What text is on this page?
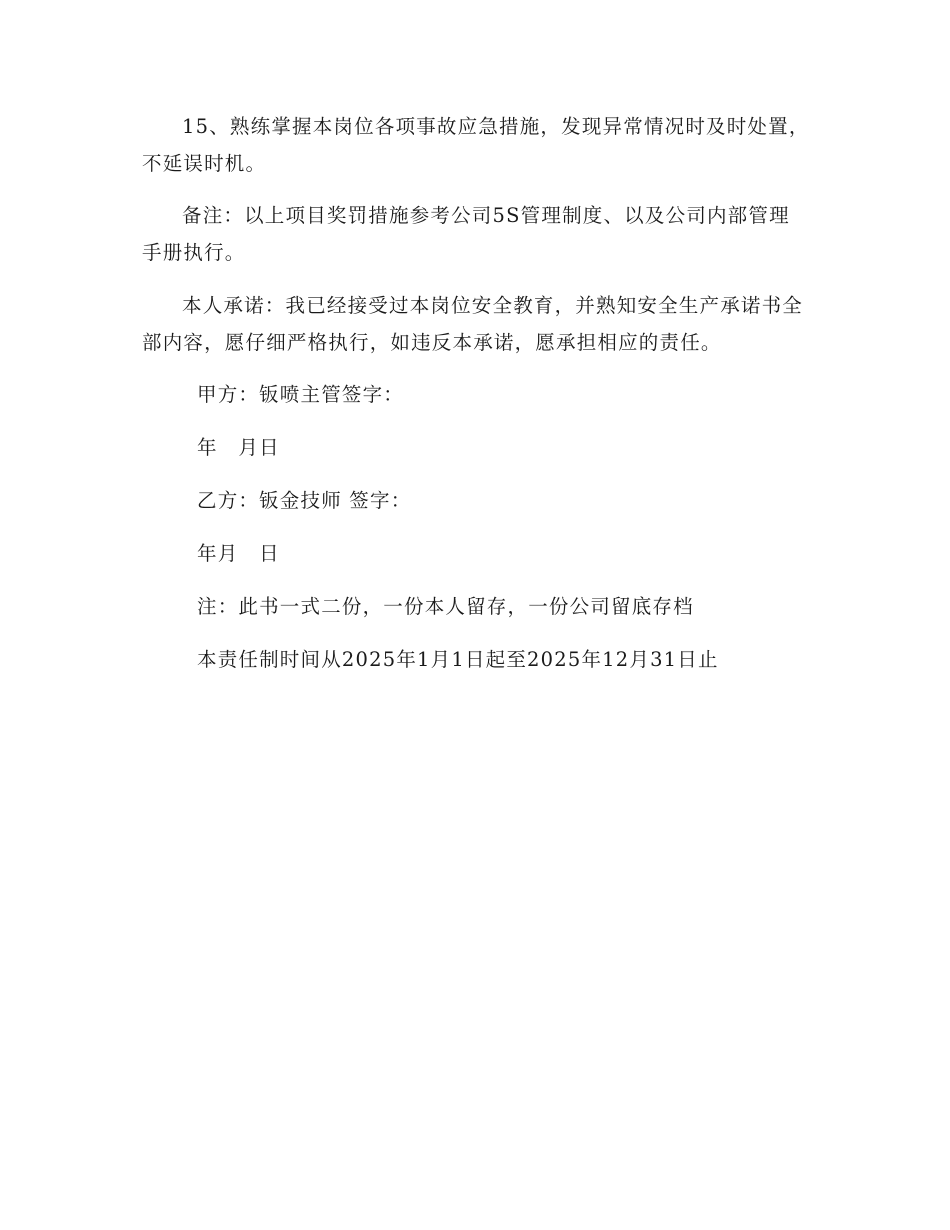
15、熟练掌握本岗位各项事故应急措施，发现异常情况时及时处置，不延误时机。

备注：以上项目奖罚措施参考公司5S管理制度、以及公司内部管理手册执行。

本人承诺：我已经接受过本岗位安全教育，并熟知安全生产承诺书全部内容，愿仔细严格执行，如违反本承诺，愿承担相应的责任。

甲方：钣喷主管签字：

年　月日

乙方：钣金技师 签字：

年月　日

注：此书一式二份，一份本人留存，一份公司留底存档

本责任制时间从2025年1月1日起至2025年12月31日止
